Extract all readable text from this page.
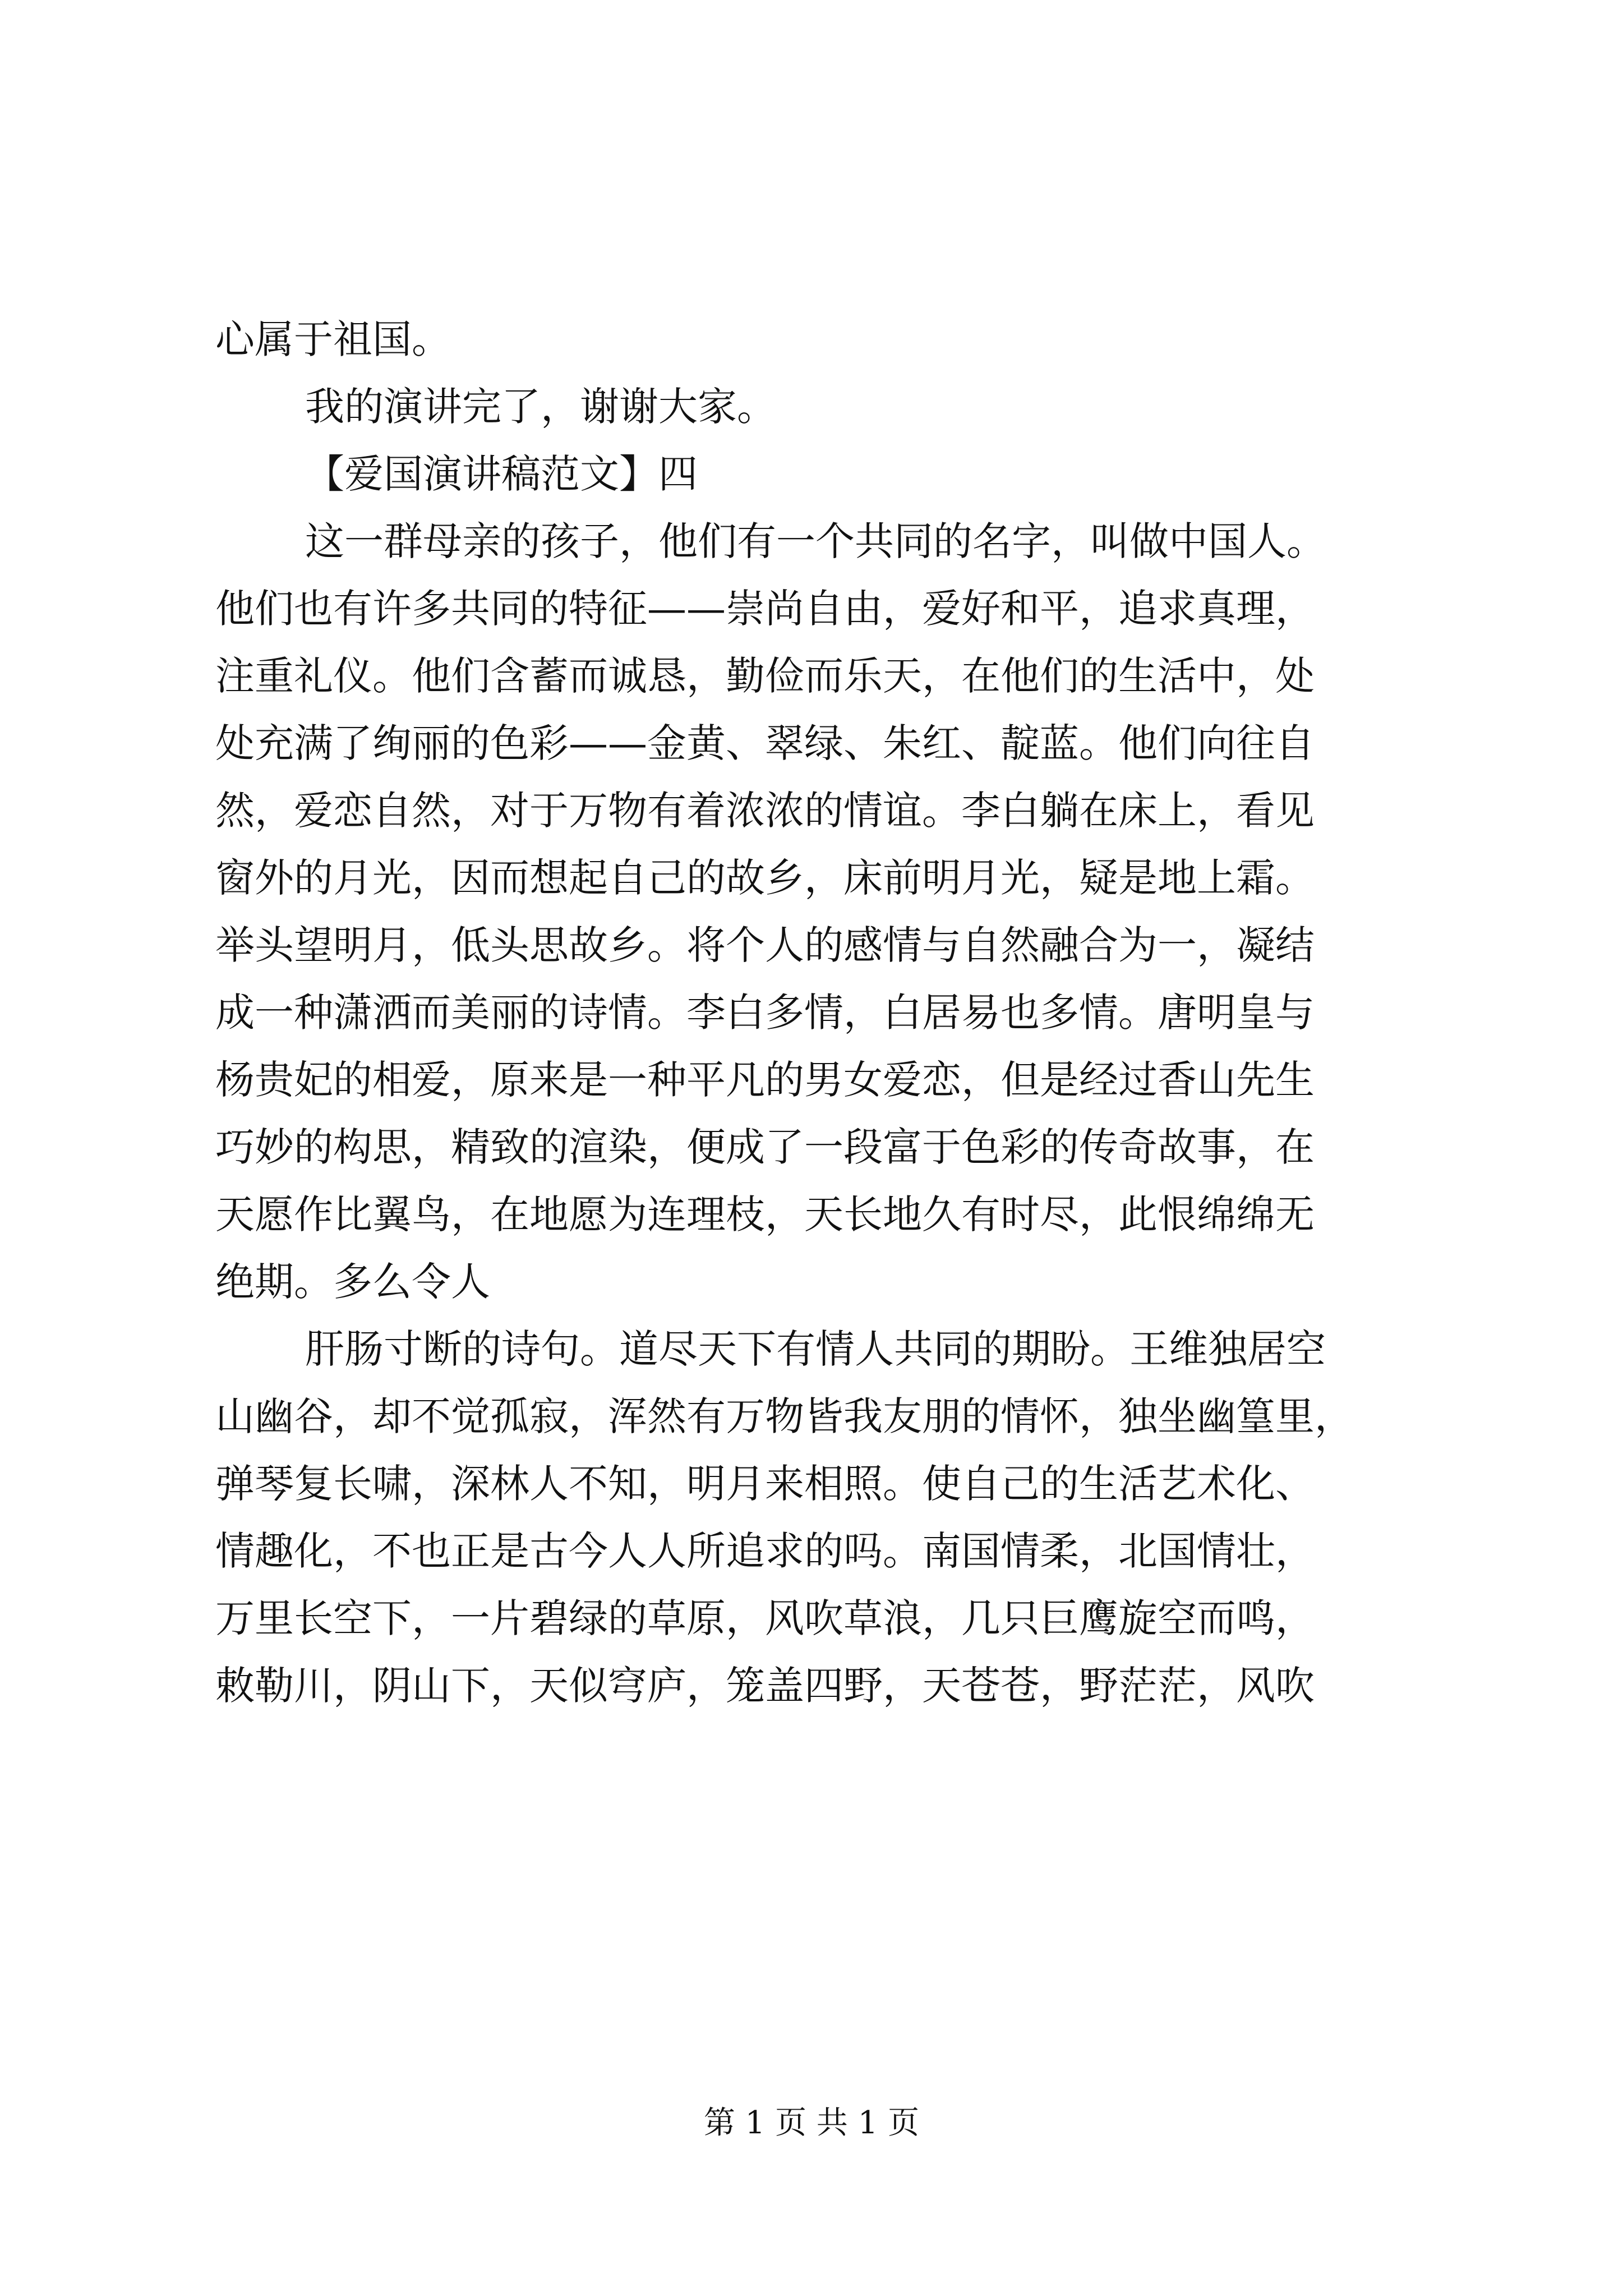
心属于祖国。
我的演讲完了，谢谢大家。
【爱国演讲稿范文】四
这一群母亲的孩子，他们有一个共同的名字，叫做中国人。
他们也有许多共同的特征——崇尚自由，爱好和平，追求真理，
注重礼仪。他们含蓄而诚恳，勤俭而乐天，在他们的生活中，处
处充满了绚丽的色彩——金黄、翠绿、朱红、靛蓝。他们向往自
然，爱恋自然，对于万物有着浓浓的情谊。李白躺在床上，看见
窗外的月光，因而想起自己的故乡，床前明月光，疑是地上霜。
举头望明月，低头思故乡。将个人的感情与自然融合为一，凝结
成一种潇洒而美丽的诗情。李白多情，白居易也多情。唐明皇与
杨贵妃的相爱，原来是一种平凡的男女爱恋，但是经过香山先生
巧妙的构思，精致的渲染，便成了一段富于色彩的传奇故事，在
天愿作比翼鸟，在地愿为连理枝，天长地久有时尽，此恨绵绵无
绝期。多么令人
肝肠寸断的诗句。道尽天下有情人共同的期盼。王维独居空
山幽谷，却不觉孤寂，浑然有万物皆我友朋的情怀，独坐幽篁里，
弹琴复长啸，深林人不知，明月来相照。使自己的生活艺术化、
情趣化，不也正是古今人人所追求的吗。南国情柔，北国情壮，
万里长空下，一片碧绿的草原，风吹草浪，几只巨鹰旋空而鸣，
敕勒川，阴山下，天似穹庐，笼盖四野，天苍苍，野茫茫，风吹
第 1 页 共 1 页
